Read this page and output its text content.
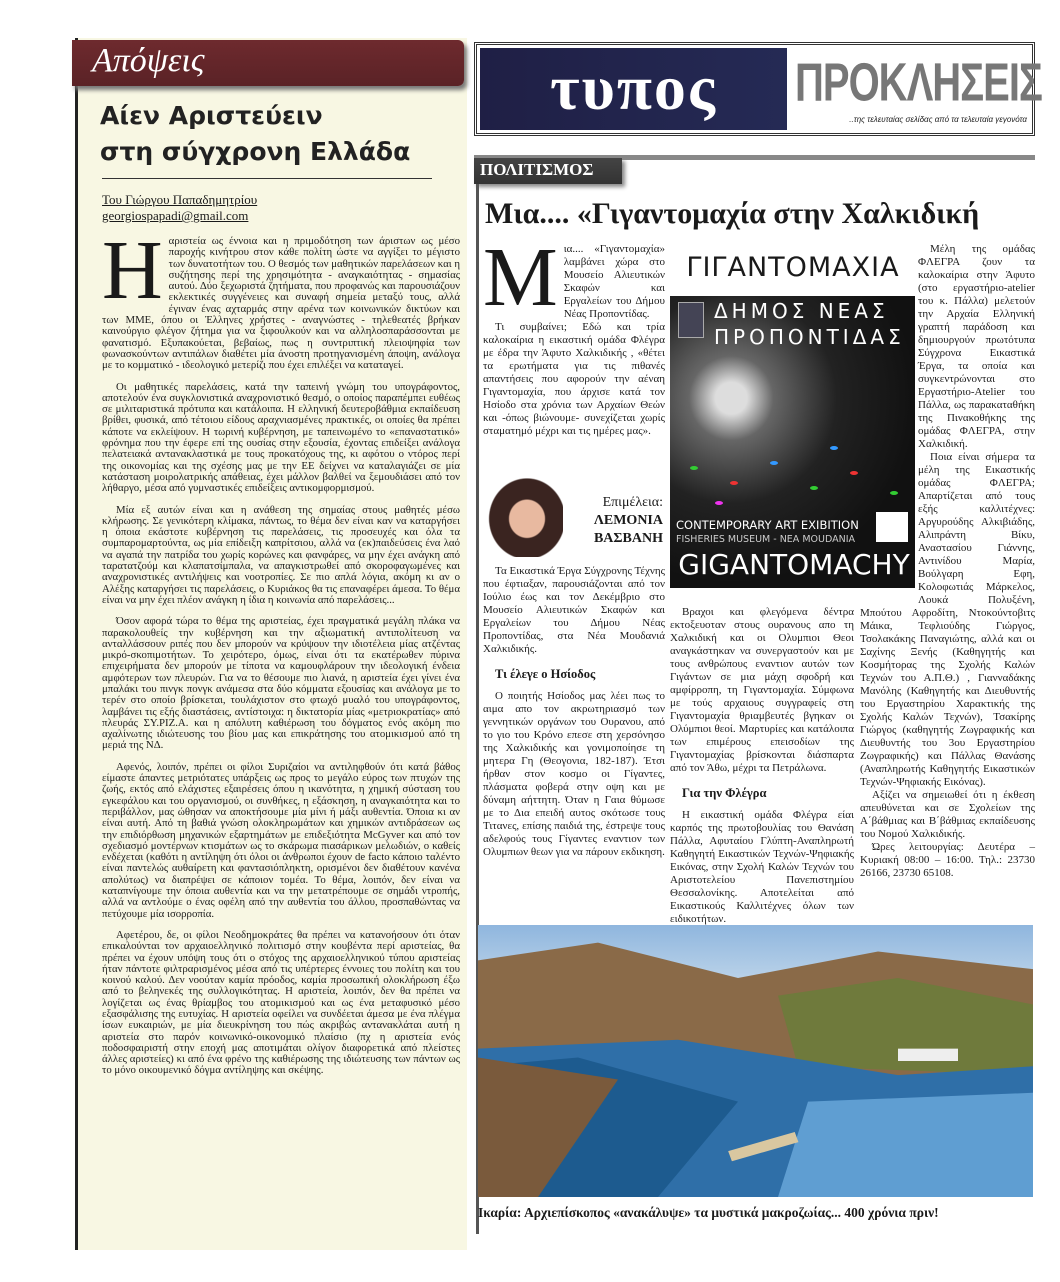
Απόψεις
Αίεν Αριστεύειν
στη σύγχρονη Ελλάδα
Του Γιώργου Παπαδημητρίου
georgiospapadi@gmail.com

Ηαριστεία ως έννοια και η πριμοδότηση των άριστων ως μέσο παροχής κινήτρου στον κάθε πολίτη ώστε να αγγίξει το μέγιστο των δυνατοτήτων του. Ο θεσμός των μαθητικών παρελάσεων και η συζήτησης περί της χρησιμότητα - αναγκαιότητας - σημασίας αυτού. Δύο ξεχωριστά ζητήματα, που προφανώς και παρουσιάζουν εκλεκτικές συγγένειες και συναφή σημεία μεταξύ τους, αλλά έγιναν ένας αχταρμάς στην αρένα των κοινωνικών δικτύων και των ΜΜΕ, όπου οι Έλληνες χρήστες - αναγνώστες - τηλεθεατές βρήκαν καινούργιο φλέγον ζήτημα για να ξιφουλκούν και να αλληλοσπαράσσονται με φανατισμό. Εξυπακούεται, βεβαίως, πως η συντριπτική πλειοψηφία των φωνασκούντων αντιπάλων διαθέτει μία άνοστη προτηγανισμένη άποψη, ανάλογα με το κομματικό - ιδεολογικό μετερίζι που έχει επιλέξει να καταταγεί.

Οι μαθητικές παρελάσεις, κατά την ταπεινή γνώμη του υπογράφοντος, αποτελούν ένα συγκλονιστικά αναχρονιστικό θεσμό, ο οποίος παραπέμπει ευθέως σε μιλιταριστικά πρότυπα και κατάλοιπα. Η ελληνική δευτεροβάθμια εκπαίδευση βρίθει, φυσικά, από τέτοιου είδους αραχνιασμένες πρακτικές, οι οποίες θα πρέπει κάποτε να εκλείψουν. Η τωρινή κυβέρνηση, με ταπεινωμένο το «επαναστατικό» φρόνημα που την έφερε επί της ουσίας στην εξουσία, έχοντας επιδείξει ανάλογα πελατειακά αντανακλαστικά με τους προκατόχους της, κι αφότου ο ντόρος περί της οικονομίας και της σχέσης μας με την ΕΕ δείχνει να καταλαγιάζει σε μία κατάσταση μοιρολατρικής απάθειας, έχει μάλλον βαλθεί να ξεμουδιάσει από τον λήθαργο, μέσα από γυμναστικές επιδείξεις αντικομφορμισμού.

Μία εξ αυτών είναι και η ανάθεση της σημαίας στους μαθητές μέσω κλήρωσης. Σε γενικότερη κλίμακα, πάντως, το θέμα δεν είναι καν να καταργήσει η όποια εκάστοτε κυβέρνηση τις παρελάσεις, τις προσευχές και όλα τα συμπαρομαρτούντα, ως μία επίδειξη καπρίτσιου, αλλά να (εκ)παιδεύσεις ένα λαό να αγαπά την πατρίδα του χωρίς κορώνες και φανφάρες, να μην έχει ανάγκη από ταρατατζούμ και κλαπατσίμπαλα, να απαγκιστρωθεί από σκοροφαγωμένες και αναχρονιστικές αντιλήψεις και νοοτροπίες. Σε πιο απλά λόγια, ακόμη κι αν ο Αλέξης καταργήσει τις παρελάσεις, ο Κυριάκος θα τις επαναφέρει άμεσα. Το θέμα είναι να μην έχει πλέον ανάγκη η ίδια η κοινωνία από παρελάσεις...

Όσον αφορά τώρα το θέμα της αριστείας, έχει πραγματικά μεγάλη πλάκα να παρακολουθείς την κυβέρνηση και την αξιωματική αντιπολίτευση να ανταλλάσσουν ριπές που δεν μπορούν να κρύψουν την ιδιοτέλεια μίας ατζέντας μικρό-σκοπιμοτήτων. Το χειρότερο, όμως, είναι ότι τα εκατέρωθεν πύρινα επιχειρήματα δεν μπορούν με τίποτα να καμουφλάρουν την ιδεολογική ένδεια αμφότερων των πλευρών. Για να το θέσουμε πιο λιανά, η αριστεία έχει γίνει ένα μπαλάκι του πινγκ πονγκ ανάμεσα στα δύο κόμματα εξουσίας και ανάλογα με το τερέν στο οποίο βρίσκεται, τουλάχιστον στο φτωχό μυαλό του υπογράφοντος, λαμβάνει τις εξής διαστάσεις, αντίστοιχα: η δικτατορία μίας «μετριοκρατίας» από πλευράς ΣΥ.ΡΙΖ.Α. και η απόλυτη καθιέρωση του δόγματος ενός ακόμη πιο αχαλίνωτης ιδιώτευσης του βίου μας και επικράτησης του ατομικισμού από τη μεριά της ΝΔ.

Αφενός, λοιπόν, πρέπει οι φίλοι Συριζαίοι να αντιληφθούν ότι κατά βάθος είμαστε άπαντες μετριότατες υπάρξεις ως προς το μεγάλο εύρος των πτυχών της ζωής, εκτός από ελάχιστες εξαιρέσεις όπου η ικανότητα, η χημική σύσταση του εγκεφάλου και του οργανισμού, οι συνθήκες, η εξάσκηση, η αναγκαιότητα και το περιβάλλον, μας ώθησαν να αποκτήσουμε μία μίνι ή μάξι αυθεντία. Όποια κι αν είναι αυτή. Από τη βαθιά γνώση ολοκληρωμάτων και χημικών αντιδράσεων ως την επιδιόρθωση μηχανικών εξαρτημάτων με επιδεξιότητα McGyver και από τον σχεδιασμό μοντέρνων κτισμάτων ως το σκάρωμα πιασάρικων μελωδιών, ο καθείς ενδέχεται (καθότι η αντίληψη ότι όλοι οι άνθρωποι έχουν de facto κάποιο ταλέντο είναι παντελώς αυθαίρετη και φαντασιόπληκτη, ορισμένοι δεν διαθέτουν κανένα απολύτως) να διαπρέψει σε κάποιον τομέα. Το θέμα, λοιπόν, δεν είναι να καταπνίγουμε την όποια αυθεντία και να την μετατρέπουμε σε σημάδι ντροπής, αλλά να αντλούμε ο ένας οφέλη από την αυθεντία του άλλου, προσπαθώντας να πετύχουμε μία ισορροπία.

Αφετέρου, δε, οι φίλοι Νεοδημοκράτες θα πρέπει να κατανοήσουν ότι όταν επικαλούνται τον αρχαιοελληνικό πολιτισμό στην κουβέντα περί αριστείας, θα πρέπει να έχουν υπόψη τους ότι ο στόχος της αρχαιοελληνικού τύπου αριστείας ήταν πάντοτε φιλτραρισμένος μέσα από τις υπέρτερες έννοιες του πολίτη και του κοινού καλού. Δεν νοούταν καμία πρόοδος, καμία προσωπική ολοκλήρωση έξω από το βεληνεκές της συλλογικότητας. Η αριστεία, λοιπόν, δεν θα πρέπει να λογίζεται ως ένας θρίαμβος του ατομικισμού και ως ένα μεταφυσικό μέσο εξασφάλισης της ευτυχίας. Η αριστεία οφείλει να συνδέεται άμεσα με ένα πλέγμα ίσων ευκαιριών, με μία διευκρίνηση του πώς ακριβώς αντανακλάται αυτή η αριστεία στο παρόν κοινωνικό-οικονομικό πλαίσιο (πχ η αριστεία ενός ποδοσφαιριστή στην εποχή μας αποτιμάται ολίγον διαφορετικά από πλείστες άλλες αριστείες) κι από ένα φρένο της καθιέρωσης της ιδιώτευσης των πάντων ως το μόνο οικουμενικό δόγμα αντίληψης και σκέψης.

τυπος	ΠΡΟΚΛΗΣΕΙΣ
..της τελευταίας σελίδας από τα τελευταία γεγονότα
ΠΟΛΙΤΙΣΜΟΣ
Μια.... «Γιγαντομαχία στην Χαλκιδική

Μια.... «Γιγαντομαχία» λαμβάνει χώρα στο Μουσείο Αλιευτικών Σκαφών και Εργαλείων του Δήμου Νέας Προποντίδας.

Τι συμβαίνει; Εδώ και τρία καλοκαίρια η εικαστική ομάδα Φλέγρα με έδρα την Άφυτο Χαλκιδικής , «θέτει τα ερωτήματα για τις πιθανές απαντήσεις που αφορούν την αέναη Γιγαντομαχία, που άρχισε κατά τον Ησίοδο στα χρόνια των Αρχαίων Θεών και -όπως βιώνουμε- συνεχίζεται χωρίς σταματημό μέχρι και τις ημέρες μας».

Επιμέλεια:
ΛΕΜΟΝΙΑ
ΒΑΣΒΑΝΗ

Τα Εικαστικά Έργα Σύγχρονης Τέχνης που έφτιαξαν, παρουσιάζονται από τον Ιούλιο έως και τον Δεκέμβριο στο Μουσείο Αλιευτικών Σκαφών και Εργαλείων του Δήμου Νέας Προποντίδας, στα Νέα Μουδανιά Χαλκιδικής.

Τι έλεγε ο Ησίοδος

Ο ποιητής Ησίοδος μας λέει πως το αιμα απο τον ακρωτηριασμό των γεννητικών οργάνων του Ουρανου, από το γιο του Κρόνο επεσε στη χερσόνησο της Χαλκιδικής και γονιμοποίησε τη μητερα Γη (Θεογονια, 182-187). Έτσι ήρθαν στον κοσμο οι Γίγαντες, πλάσματα φοβερά στην οψη και με δύναμη αήττητη. Όταν η Γαια θύμωσε με το Δια επειδή αυτος σκότωσε τους Τιτανες, επίσης παιδιά της, έστρεψε τους αδελφούς τους Γίγαντες εναντιον των Ολυμπιων θεων για να πάρουν εκδικηση.

ΓΙΓΑΝΤΟΜΑΧΙΑ
ΔΗΜΟΣ ΝΕΑΣ
ΠΡΟΠΟΝΤΙΔΑΣ
CONTEMPORARY ART EXIBITION
FISHERIES MUSEUM - NEA MOUDANIA
GIGANTOMACHY

Βραχοι και φλεγόμενα δέντρα εκτοξευοταν στους ουρανους απο τη Χαλκιδική και οι Ολυμπιοι Θεοι αναγκάστηκαν να συνεργαστούν και με τους ανθρώπους εναντιον αυτών των Γιγάντων σε μια μάχη σφοδρή και αμφίρροπη, τη Γιγαντομαχία. Σύμφωνα με τούς αρχαιους συγγραφείς στη Γιγαντομαχία θριαμβευτές βγηκαν οι Ολύμπιοι θεοί. Μαρτυρίες και κατάλοιπα των επιμέρους επεισοδίων της Γιγαντομαχίας βρίσκονται διάσπαρτα από τον Άθω, μέχρι τα Πετράλωνα.

Για την Φλέγρα

Η εικαστική ομάδα Φλέγρα είαι καρπός της πρωτοβουλίας του Θανάση Πάλλα, Αφυταίου Γλύπτη-Αναπληρωτή Καθηγητή Εικαστικών Τεχνών-Ψηφιακής Εικόνας, στην Σχολή Καλών Τεχνών του Αριστοτελείου Πανεπιστημίου Θεσσαλονίκης. Αποτελείται από Εικαστικούς Καλλιτέχνες όλων των ειδικοτήτων.

Μέλη της ομάδας ΦΛΕΓΡΑ ζουν τα καλοκαίρια στην Άφυτο (στο εργαστήριο-atelier του κ. Πάλλα) μελετούν την Αρχαία Ελληνική γραπτή παράδοση και δημιουργούν πρωτότυπα Σύγχρονα Εικαστικά Έργα, τα οποία και συγκεντρώνονται στο Εργαστήριο-Atelier του Πάλλα, ως παρακαταθήκη της Πινακοθήκης της ομάδας ΦΛΕΓΡΑ, στην Χαλκιδική.

Ποια είναι σήμερα τα μέλη της Εικαστικής ομάδας ΦΛΕΓΡΑ; Απαρτίζεται από τους εξής καλλιτέχνες: Αργυρούδης Αλκιβιάδης, Αλιπράντη Βίκυ, Αναστασίου Γιάννης, Αντινίδου Μαρία, Βούλγαρη Εφη, Κολοφωτιάς Μάρκελος, Λουκά Πολυξένη, Μπούτου Αφροδίτη, Ντοκούντοβιτς Μάικα, Τεφλιούδης Γιώργος, Τσολακάκης Παναγιώτης, αλλά και οι Σαχίνης Ξενής (Καθηγητής και Κοσμήτορας της Σχολής Καλών Τεχνών του Α.Π.Θ.) , Γιανναδάκης Μανόλης (Καθηγητής και Διευθυντής του Εργαστηρίου Χαρακτικής της Σχολής Καλών Τεχνών), Τσακίρης Γιώργος (καθηγητής Ζωγραφικής και Διευθυντής του 3ου Εργαστηρίου Ζωγραφικής) και Πάλλας Θανάσης (Αναπληρωτής Καθηγητής Εικαστικών Τεχνών-Ψηφιακής Εικόνας).

Αξίζει να σημειωθεί ότι η έκθεση απευθύνεται και σε Σχολείων της Α΄βάθμιας και Β΄βάθμιας εκπαίδευσης του Νομού Χαλκιδικής.

Ώρες λειτουργίας: Δευτέρα – Κυριακή 08:00 – 16:00. Τηλ.: 23730 26166, 23730 65108.

Ικαρία: Αρχιεπίσκοπος «ανακάλυψε» τα μυστικά μακροζωίας... 400 χρόνια πριν!
